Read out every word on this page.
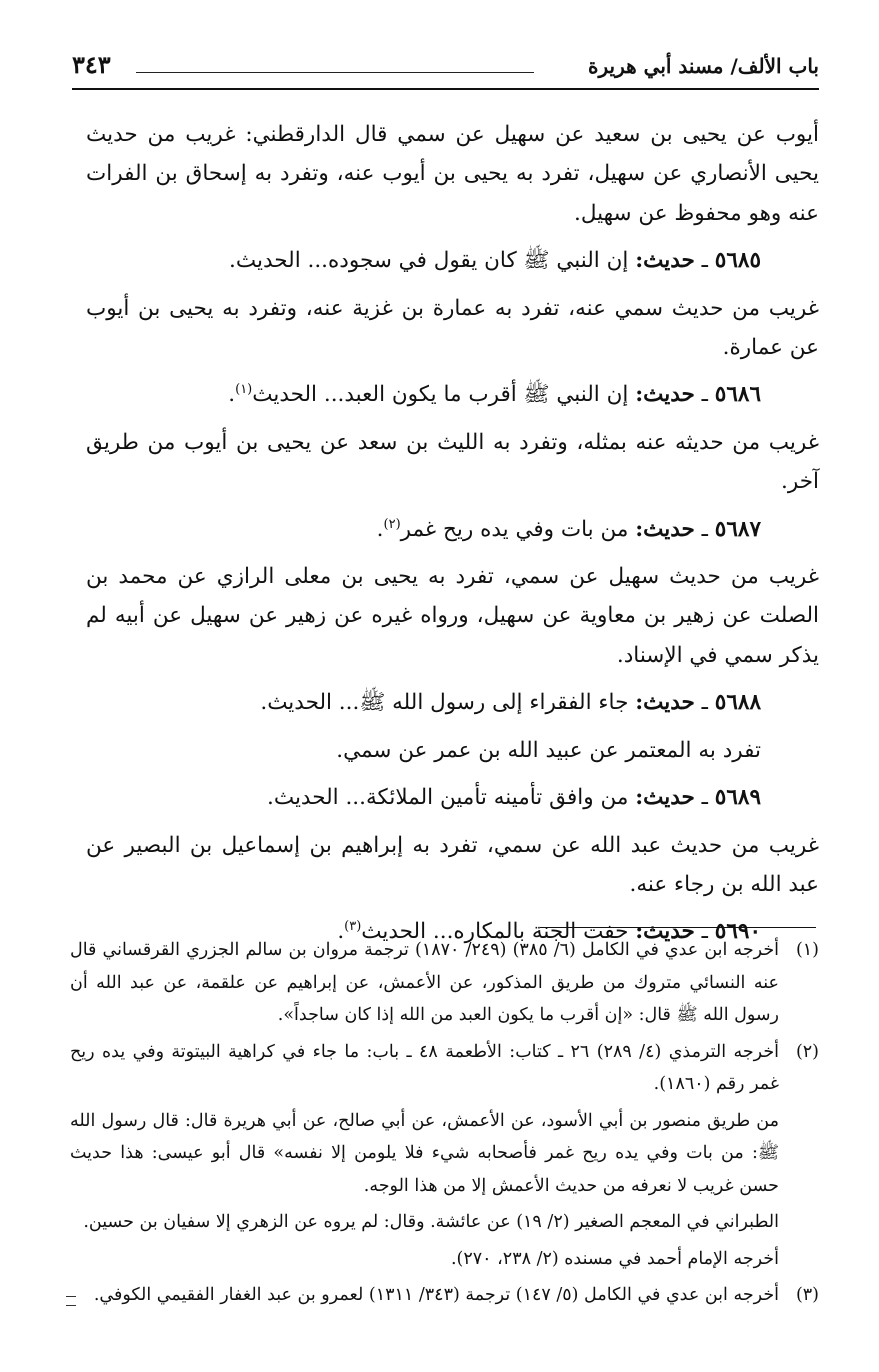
باب الألف/ مسند أبي هريرة
٣٤٣

أيوب عن يحيى بن سعيد عن سهيل عن سمي قال الدارقطني: غريب من حديث يحيى الأنصاري عن سهيل، تفرد به يحيى بن أيوب عنه، وتفرد به إسحاق بن الفرات عنه وهو محفوظ عن سهيل.

٥٦٨٥ ـ حديث: إن النبي ﷺ كان يقول في سجوده... الحديث.

غريب من حديث سمي عنه، تفرد به عمارة بن غزية عنه، وتفرد به يحيى بن أيوب عن عمارة.

٥٦٨٦ ـ حديث: إن النبي ﷺ أقرب ما يكون العبد... الحديث$^{(١)}$.

غريب من حديثه عنه بمثله، وتفرد به الليث بن سعد عن يحيى بن أيوب من طريق آخر.

٥٦٨٧ ـ حديث: من بات وفي يده ريح غمر$^{(٢)}$.

غريب من حديث سهيل عن سمي، تفرد به يحيى بن معلى الرازي عن محمد بن الصلت عن زهير بن معاوية عن سهيل، ورواه غيره عن زهير عن سهيل عن أبيه لم يذكر سمي في الإسناد.

٥٦٨٨ ـ حديث: جاء الفقراء إلى رسول الله ﷺ... الحديث.

تفرد به المعتمر عن عبيد الله بن عمر عن سمي.

٥٦٨٩ ـ حديث: من وافق تأمينه تأمين الملائكة... الحديث.

غريب من حديث عبد الله عن سمي، تفرد به إبراهيم بن إسماعيل بن البصير عن عبد الله بن رجاء عنه.

٥٦٩٠ ـ حديث: حفت الجنة بالمكاره... الحديث$^{(٣)}$.

(١)
أخرجه ابن عدي في الكامل (٦/ ٣٨٥) (٢٤٩/ ١٨٧٠) ترجمة مروان بن سالم الجزري القرقساني قال عنه النسائي متروك من طريق المذكور، عن الأعمش، عن إبراهيم عن علقمة، عن عبد الله أن رسول الله ﷺ قال: «إن أقرب ما يكون العبد من الله إذا كان ساجداً».

(٢)
أخرجه الترمذي (٤/ ٢٨٩) ٢٦ ـ كتاب: الأطعمة ٤٨ ـ باب: ما جاء في كراهية البيتوتة وفي يده ريح غمر رقم (١٨٦٠).

من طريق منصور بن أبي الأسود، عن الأعمش، عن أبي صالح، عن أبي هريرة قال: قال رسول الله ﷺ: من بات وفي يده ريح غمر فأصحابه شيء فلا يلومن إلا نفسه» قال أبو عيسى: هذا حديث حسن غريب لا نعرفه من حديث الأعمش إلا من هذا الوجه.

الطبراني في المعجم الصغير (٢/ ١٩) عن عائشة. وقال: لم يروه عن الزهري إلا سفيان بن حسين.

أخرجه الإمام أحمد في مسنده (٢/ ٢٣٨، ٢٧٠).

(٣)
أخرجه ابن عدي في الكامل (٥/ ١٤٧) ترجمة (٣٤٣/ ١٣١١) لعمرو بن عبد الغفار الفقيمي الكوفي.
